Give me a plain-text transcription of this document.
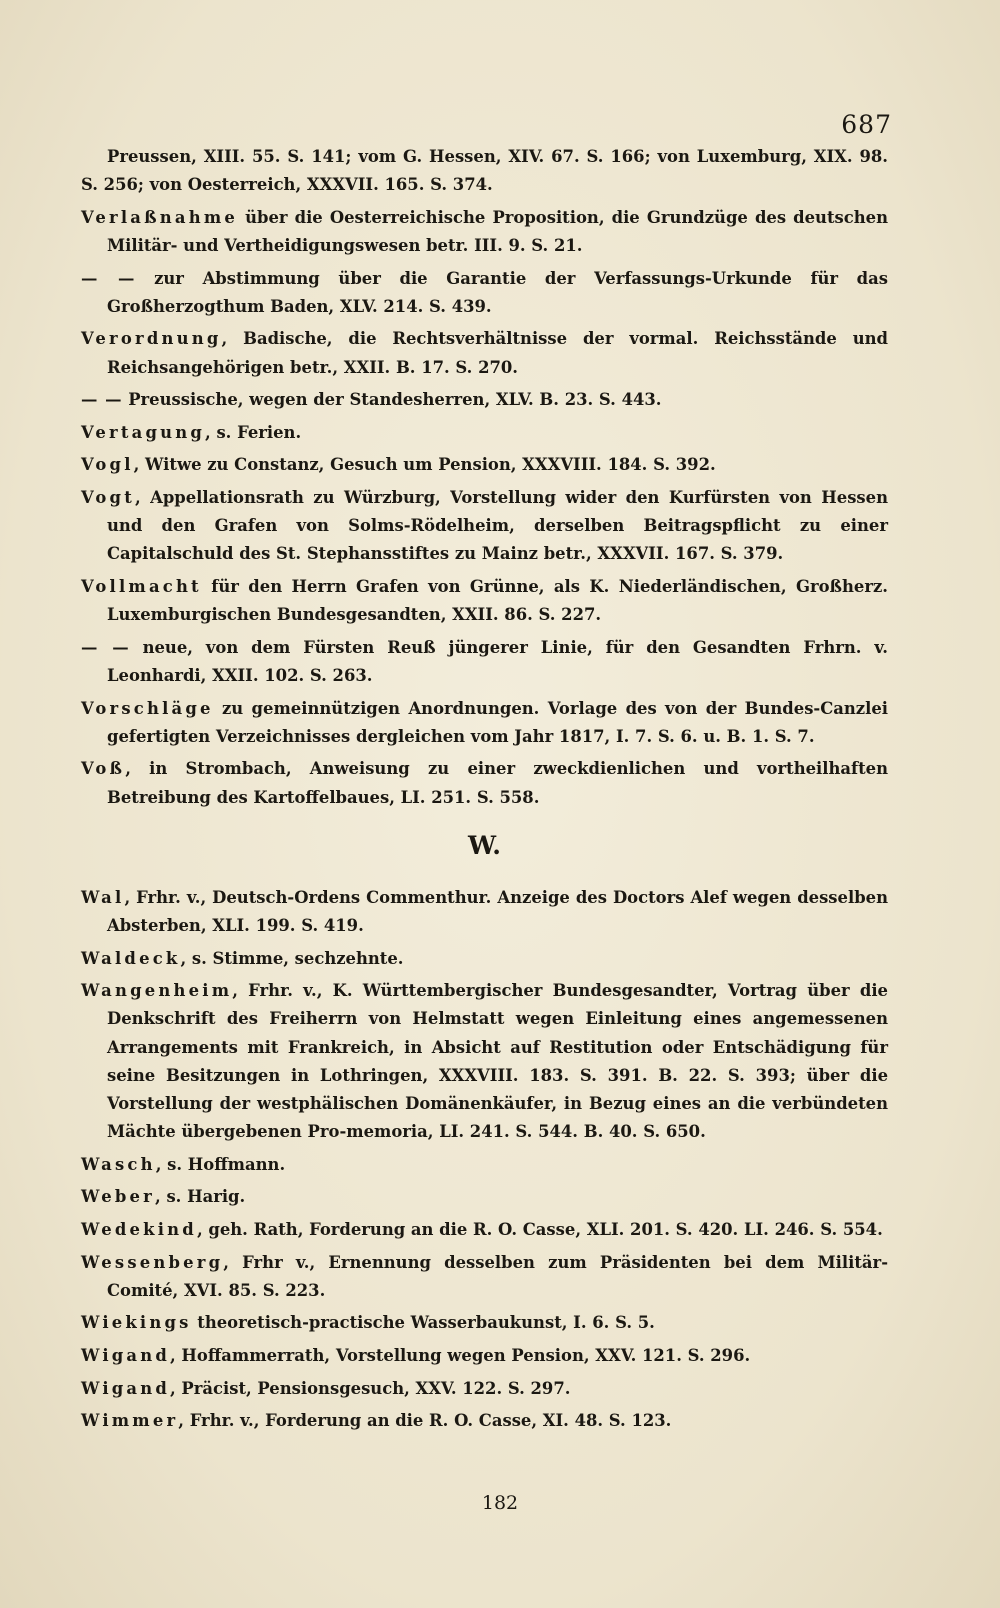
687
Preussen, XIII. 55. S. 141; vom G. Hessen, XIV. 67. S. 166; von Luxemburg, XIX. 98. S. 256; von Oesterreich, XXXVII. 165. S. 374.
Verlaßnahme über die Oesterreichische Proposition, die Grundzüge des deutschen Militär- und Vertheidigungswesen betr. III. 9. S. 21.
— — zur Abstimmung über die Garantie der Verfassungs-Urkunde für das Großherzogthum Baden, XLV. 214. S. 439.
Verordnung, Badische, die Rechtsverhältnisse der vormal. Reichsstände und Reichsangehörigen betr., XXII. B. 17. S. 270.
— — Preussische, wegen der Standesherren, XLV. B. 23. S. 443.
Vertagung, s. Ferien.
Vogl, Witwe zu Constanz, Gesuch um Pension, XXXVIII. 184. S. 392.
Vogt, Appellationsrath zu Würzburg, Vorstellung wider den Kurfürsten von Hessen und den Grafen von Solms-Rödelheim, derselben Beitragspflicht zu einer Capitalschuld des St. Stephansstiftes zu Mainz betr., XXXVII. 167. S. 379.
Vollmacht für den Herrn Grafen von Grünne, als K. Niederländischen, Großherz. Luxemburgischen Bundesgesandten, XXII. 86. S. 227.
— — neue, von dem Fürsten Reuß jüngerer Linie, für den Gesandten Frhrn. v. Leonhardi, XXII. 102. S. 263.
Vorschläge zu gemeinnützigen Anordnungen. Vorlage des von der Bundes-Canzlei gefertigten Verzeichnisses dergleichen vom Jahr 1817, I. 7. S. 6. u. B. 1. S. 7.
Voß, in Strombach, Anweisung zu einer zweckdienlichen und vortheilhaften Betreibung des Kartoffelbaues, LI. 251. S. 558.
W.
Wal, Frhr. v., Deutsch-Ordens Commenthur. Anzeige des Doctors Alef wegen desselben Absterben, XLI. 199. S. 419.
Waldeck, s. Stimme, sechzehnte.
Wangenheim, Frhr. v., K. Württembergischer Bundesgesandter, Vortrag über die Denkschrift des Freiherrn von Helmstatt wegen Einleitung eines angemessenen Arrangements mit Frankreich, in Absicht auf Restitution oder Entschädigung für seine Besitzungen in Lothringen, XXXVIII. 183. S. 391. B. 22. S. 393; über die Vorstellung der westphälischen Domänenkäufer, in Bezug eines an die verbündeten Mächte übergebenen Pro-memoria, LI. 241. S. 544. B. 40. S. 650.
Wasch, s. Hoffmann.
Weber, s. Harig.
Wedekind, geh. Rath, Forderung an die R. O. Casse, XLI. 201. S. 420. LI. 246. S. 554.
Wessenberg, Frhr v., Ernennung desselben zum Präsidenten bei dem Militär-Comité, XVI. 85. S. 223.
Wiekings theoretisch-practische Wasserbaukunst, I. 6. S. 5.
Wigand, Hoffammerrath, Vorstellung wegen Pension, XXV. 121. S. 296.
Wigand, Präcist, Pensionsgesuch, XXV. 122. S. 297.
Wimmer, Frhr. v., Forderung an die R. O. Casse, XI. 48. S. 123.
182
